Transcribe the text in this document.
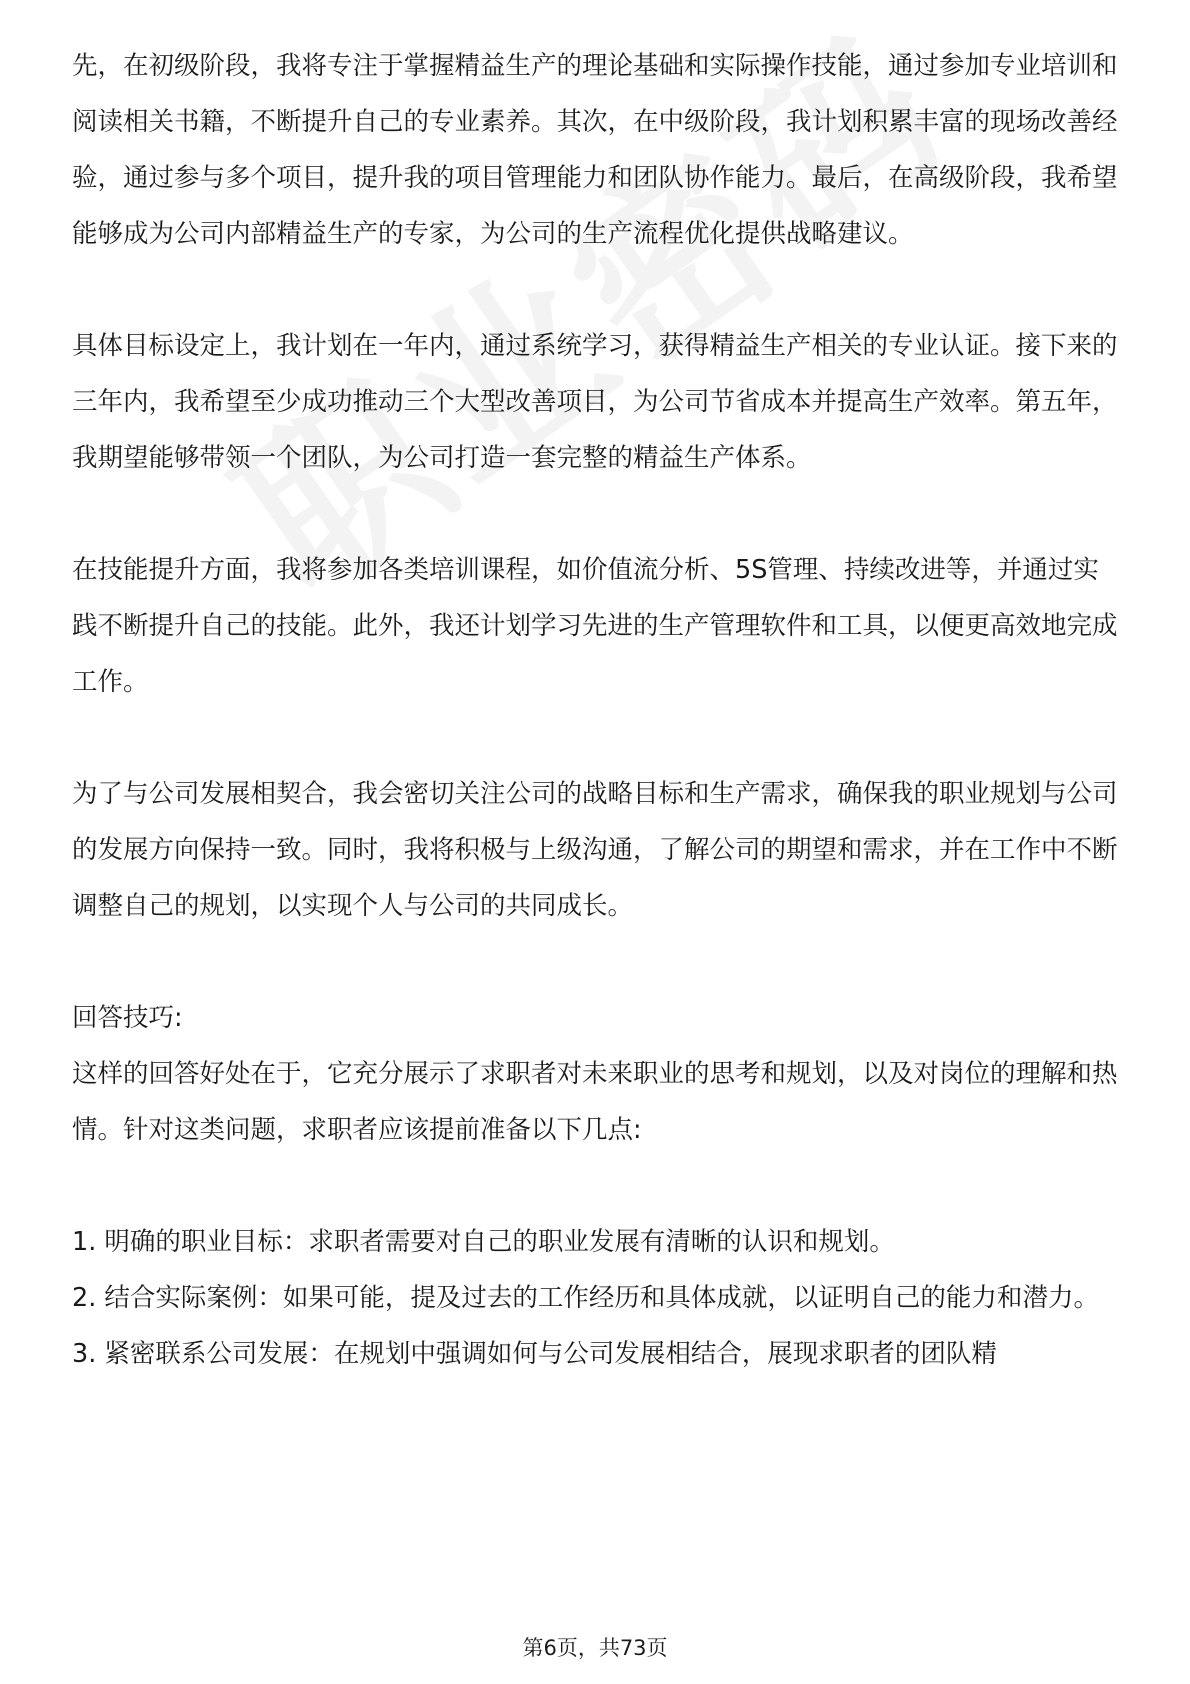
先，在初级阶段，我将专注于掌握精益生产的理论基础和实际操作技能，通过参加专业培训和阅读相关书籍，不断提升自己的专业素养。其次，在中级阶段，我计划积累丰富的现场改善经验，通过参与多个项目，提升我的项目管理能力和团队协作能力。最后，在高级阶段，我希望能够成为公司内部精益生产的专家，为公司的生产流程优化提供战略建议。

具体目标设定上，我计划在一年内，通过系统学习，获得精益生产相关的专业认证。接下来的三年内，我希望至少成功推动三个大型改善项目，为公司节省成本并提高生产效率。第五年，我期望能够带领一个团队，为公司打造一套完整的精益生产体系。

在技能提升方面，我将参加各类培训课程，如价值流分析、5S管理、持续改进等，并通过实践不断提升自己的技能。此外，我还计划学习先进的生产管理软件和工具，以便更高效地完成工作。

为了与公司发展相契合，我会密切关注公司的战略目标和生产需求，确保我的职业规划与公司的发展方向保持一致。同时，我将积极与上级沟通，了解公司的期望和需求，并在工作中不断调整自己的规划，以实现个人与公司的共同成长。

回答技巧:

这样的回答好处在于，它充分展示了求职者对未来职业的思考和规划，以及对岗位的理解和热情。针对这类问题，求职者应该提前准备以下几点:

1. 明确的职业目标：求职者需要对自己的职业发展有清晰的认识和规划。

2. 结合实际案例：如果可能，提及过去的工作经历和具体成就，以证明自己的能力和潜力。

3. 紧密联系公司发展：在规划中强调如何与公司发展相结合，展现求职者的团队精

第6页，共73页
